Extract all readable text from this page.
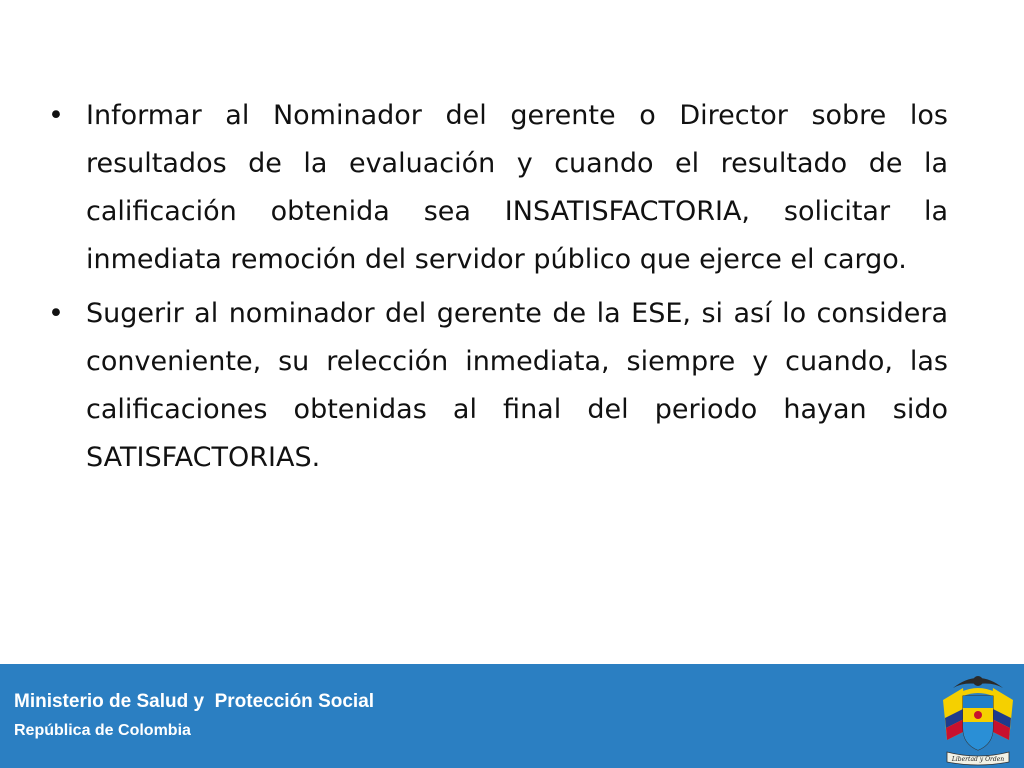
• Informar al Nominador del gerente o Director sobre los resultados de la evaluación y cuando el resultado de la calificación obtenida sea INSATISFACTORIA, solicitar la inmediata remoción del servidor público que ejerce el cargo.
• Sugerir al nominador del gerente de la ESE, si así lo considera conveniente, su relección inmediata, siempre y cuando, las calificaciones obtenidas al final del periodo hayan sido SATISFACTORIAS.
Ministerio de Salud y  Protección Social
República de Colombia
Libertad y Orden
